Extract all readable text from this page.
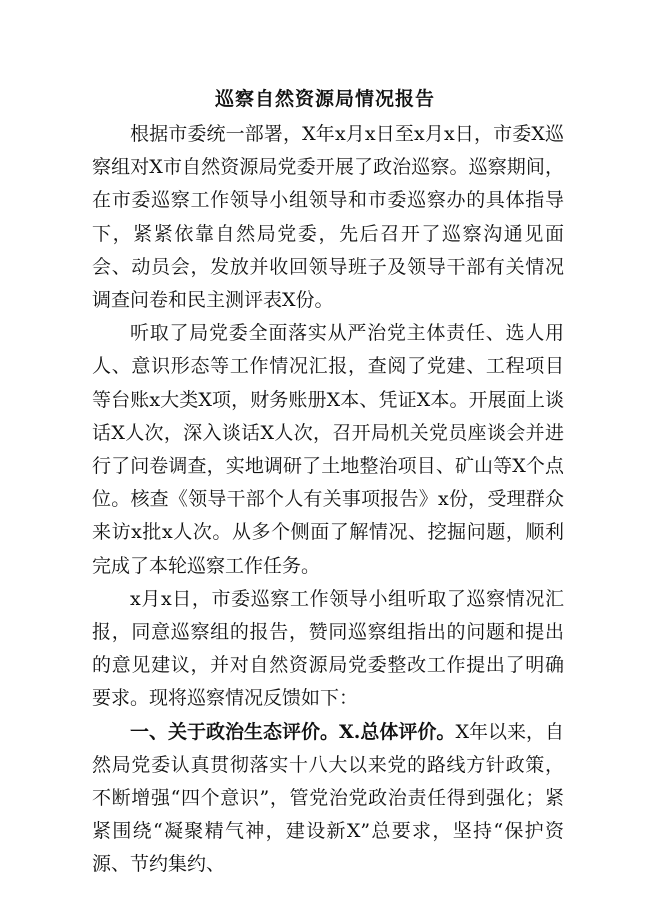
巡察自然资源局情况报告

根据市委统一部署，X年x月x日至x月x日，市委X巡察组对X市自然资源局党委开展了政治巡察。巡察期间，在市委巡察工作领导小组领导和市委巡察办的具体指导下，紧紧依靠自然局党委，先后召开了巡察沟通见面会、动员会，发放并收回领导班子及领导干部有关情况调查问卷和民主测评表X份。

听取了局党委全面落实从严治党主体责任、选人用人、意识形态等工作情况汇报，查阅了党建、工程项目等台账x大类X项，财务账册X本、凭证X本。开展面上谈话X人次，深入谈话X人次，召开局机关党员座谈会并进行了问卷调查，实地调研了土地整治项目、矿山等X个点位。核查《领导干部个人有关事项报告》x份，受理群众来访x批x人次。从多个侧面了解情况、挖掘问题，顺利完成了本轮巡察工作任务。

x月x日，市委巡察工作领导小组听取了巡察情况汇报，同意巡察组的报告，赞同巡察组指出的问题和提出的意见建议，并对自然资源局党委整改工作提出了明确要求。现将巡察情况反馈如下：

一、关于政治生态评价。X.总体评价。X年以来，自然局党委认真贯彻落实十八大以来党的路线方针政策，不断增强“四个意识”，管党治党政治责任得到强化；紧紧围绕“凝聚精气神，建设新X”总要求，坚持“保护资源、节约集约、
